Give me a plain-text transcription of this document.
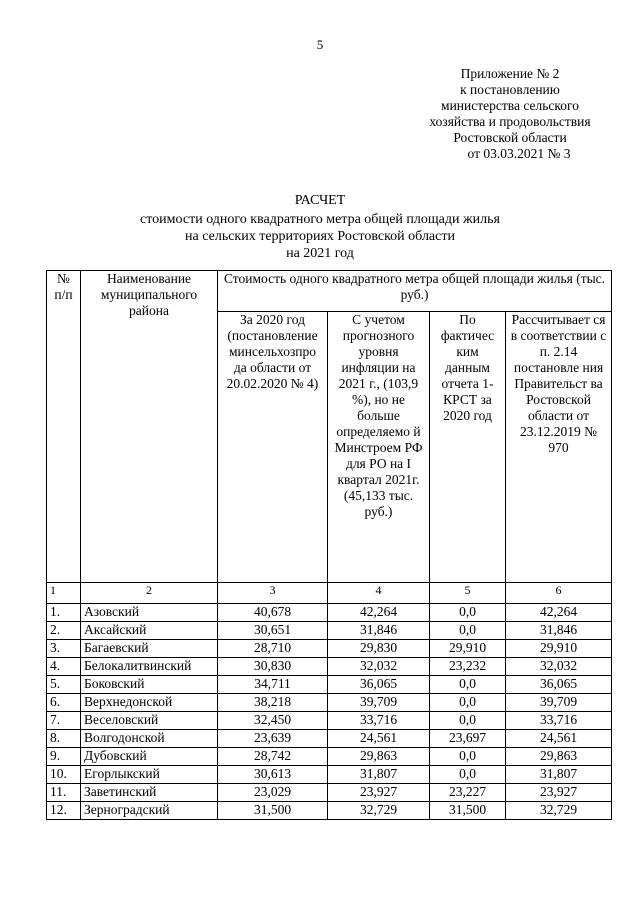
5
Приложение № 2
к постановлению
министерства сельского
хозяйства и продовольствия
Ростовской области
от 03.03.2021 № 3
РАСЧЕТ
стоимости одного квадратного метра общей площади жилья
на сельских территориях Ростовской области
на 2021 год
№ п/п	Наименование муниципального района	Стоимость одного квадратного метра общей площади жилья (тыс. руб.)			
		За 2020 год (постановление минсельхозпро да области от 20.02.2020 № 4)	С учетом прогнозного уровня инфляции на 2021 г., (103,9 %), но не больше определяемо й Минстроем РФ для РО на I квартал 2021г. (45,133 тыс. руб.)	По фактичес ким данным отчета 1-КРСТ за 2020 год	Рассчитывает ся в соответствии с п. 2.14 постановле ния Правительст ва Ростовской области от 23.12.2019 № 970
1	2	3	4	5	6
1.	Азовский	40,678	42,264	0,0	42,264
2.	Аксайский	30,651	31,846	0,0	31,846
3.	Багаевский	28,710	29,830	29,910	29,910
4.	Белокалитвинский	30,830	32,032	23,232	32,032
5.	Боковский	34,711	36,065	0,0	36,065
6.	Верхнедонской	38,218	39,709	0,0	39,709
7.	Веселовский	32,450	33,716	0,0	33,716
8.	Волгодонской	23,639	24,561	23,697	24,561
9.	Дубовский	28,742	29,863	0,0	29,863
10.	Егорлыкский	30,613	31,807	0,0	31,807
11.	Заветинский	23,029	23,927	23,227	23,927
12.	Зерноградский	31,500	32,729	31,500	32,729
